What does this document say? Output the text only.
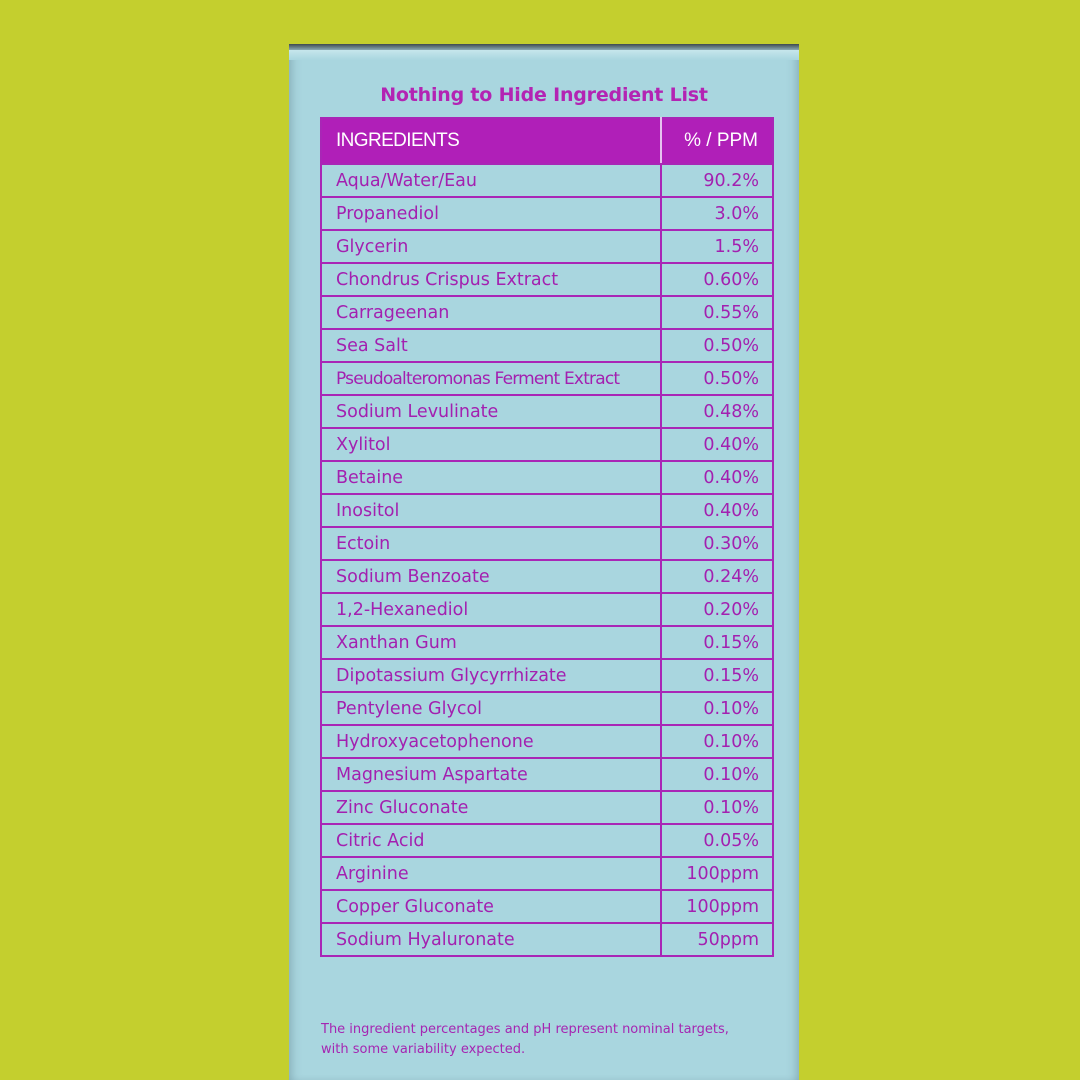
Nothing to Hide Ingredient List
INGREDIENTS	% / PPM
Aqua/Water/Eau	90.2%
Propanediol	3.0%
Glycerin	1.5%
Chondrus Crispus Extract	0.60%
Carrageenan	0.55%
Sea Salt	0.50%
Pseudoalteromonas Ferment Extract	0.50%
Sodium Levulinate	0.48%
Xylitol	0.40%
Betaine	0.40%
Inositol	0.40%
Ectoin	0.30%
Sodium Benzoate	0.24%
1,2-Hexanediol	0.20%
Xanthan Gum	0.15%
Dipotassium Glycyrrhizate	0.15%
Pentylene Glycol	0.10%
Hydroxyacetophenone	0.10%
Magnesium Aspartate	0.10%
Zinc Gluconate	0.10%
Citric Acid	0.05%
Arginine	100ppm
Copper Gluconate	100ppm
Sodium Hyaluronate	50ppm
The ingredient percentages and pH represent nominal targets,
with some variability expected.
